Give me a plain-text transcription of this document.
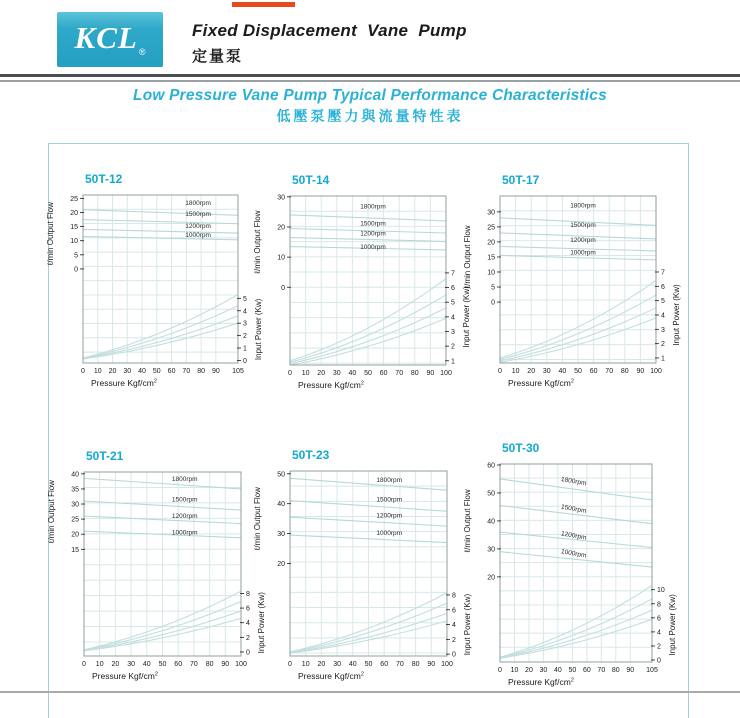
KCL ®
Fixed Displacement  Vane  Pump
定量泵
Low Pressure Vane Pump Typical Performance Characteristics
低壓泵壓力與流量特性表
50T-12
25
20
15
10
5
0
5
4
3
2
1
0
0 10 20 30 40 50 60 70 80 90 105
Pressure Kgf/$cm^2$
ℓ/min Output Flow
Input Power (Kw)
1800rpm
1500rpm
1200rpm
1000rpm
50T-14
30
20
10
0
7
6
5
4
3
2
1
0 10 20 30 40 50 60 70 80 90 100
Pressure Kgf/$cm^2$
ℓ/min Output Flow
Input Power (Kw)
1800rpm
1500rpm
1200rpm
1000rpm
50T-17
30
25
20
15
10
5
0
7
6
5
4
3
2
1
0 10 20 30 40 50 60 70 80 90 100
Pressure Kgf/$cm^2$
ℓ/min Output Flow
Input Power (Kw)
1800rpm
1500rpm
1200rpm
1000rpm
50T-21
40
35
30
25
20
15
8
6
4
2
0
0 10 20 30 40 50 60 70 80 90 100
Pressure Kgf/$cm^2$
ℓ/min Output Flow
Input Power (Kw)
1800rpm
1500rpm
1200rpm
1000rpm
50T-23
50
40
30
20
8
6
4
2
0
0 10 20 30 40 50 60 70 80 90 100
Pressure Kgf/$cm^2$
ℓ/min Output Flow
Input Power (Kw)
1800rpm
1500rpm
1200rpm
1000rpm
50T-30
60
50
40
30
20
10
8
6
4
2
0
0 10 20 30 40 50 60 70 80 90 105
Pressure Kgf/$cm^2$
ℓ/min Output Flow
Input Power (Kw)
1800rpm
1500rpm
1200rpm
1000rpm
